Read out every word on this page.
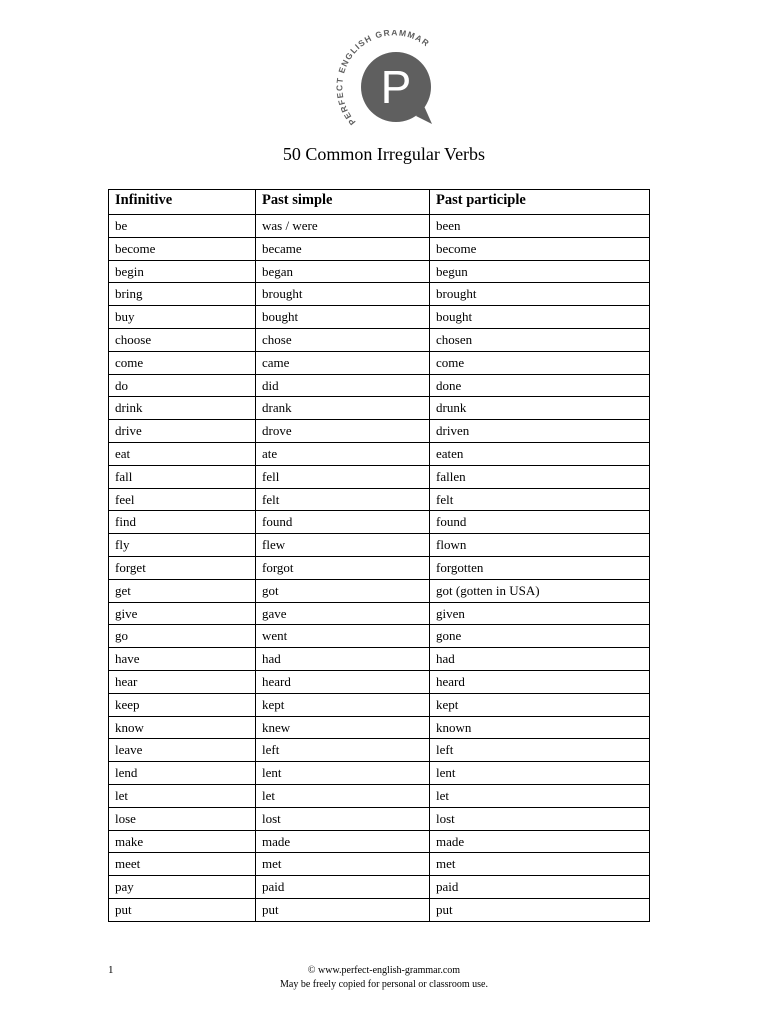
PERFECT ENGLISH GRAMMAR
P
50 Common Irregular Verbs
Infinitive	Past simple	Past participle
be	was / were	been
become	became	become
begin	began	begun
bring	brought	brought
buy	bought	bought
choose	chose	chosen
come	came	come
do	did	done
drink	drank	drunk
drive	drove	driven
eat	ate	eaten
fall	fell	fallen
feel	felt	felt
find	found	found
fly	flew	flown
forget	forgot	forgotten
get	got	got (gotten in USA)
give	gave	given
go	went	gone
have	had	had
hear	heard	heard
keep	kept	kept
know	knew	known
leave	left	left
lend	lent	lent
let	let	let
lose	lost	lost
make	made	made
meet	met	met
pay	paid	paid
put	put	put
1	© www.perfect-english-grammar.com
May be freely copied for personal or classroom use.
